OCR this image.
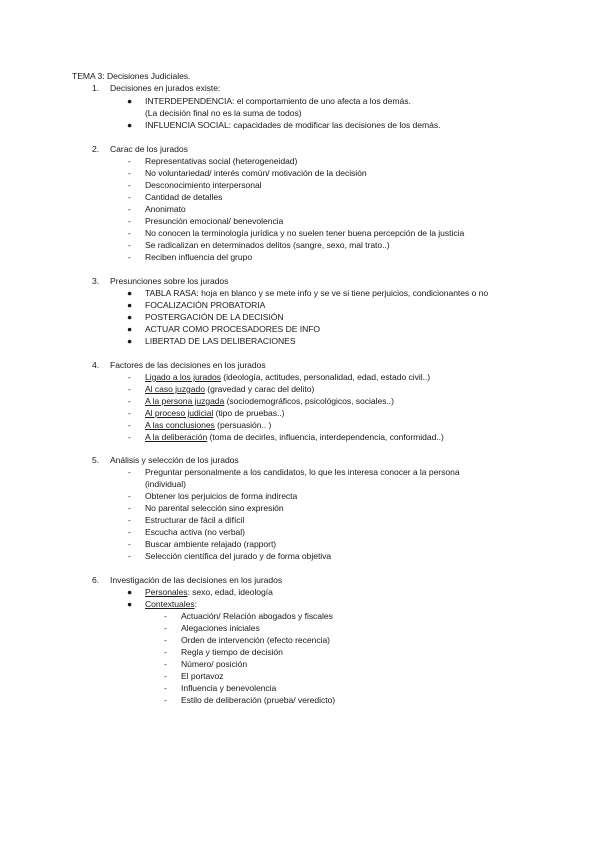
TEMA 3: Decisiones Judiciales.
1. Decisiones en jurados existe:
● INTERDEPENDENCIA: el comportamiento de uno afecta a los demás.
(La decisión final no es la suma de todos)
● INFLUENCIA SOCIAL: capacidades de modificar las decisiones de los demás.
2. Carac de los jurados
- Representativas social (heterogeneidad)
- No voluntariedad/ interés común/ motivación de la decisión
- Desconocimiento interpersonal
- Cantidad de detalles
- Anonimato
- Presunción emocional/ benevolencia
- No conocen la terminología jurídica y no suelen tener buena percepción de la justicia
- Se radicalizan en determinados delitos (sangre, sexo, mal trato..)
- Reciben influencia del grupo
3. Presunciones sobre los jurados
● TABLA RASA: hoja en blanco y se mete info y se ve si tiene perjuicios, condicionantes o no
● FOCALIZACIÓN PROBATORIA
● POSTERGACIÓN DE LA DECISIÓN
● ACTUAR COMO PROCESADORES DE INFO
● LIBERTAD DE LAS DELIBERACIONES
4. Factores de las decisiones en los jurados
- Ligado a los jurados (ideología, actitudes, personalidad, edad, estado civil..)
- Al caso juzgado (gravedad y carac del delito)
- A la persona juzgada (sociodemográficos, psicológicos, sociales..)
- Al proceso judicial (tipo de pruebas..)
- A las conclusiones (persuasión.. )
- A la deliberación (toma de decirles, influencia, interdependencia, conformidad..)
5. Análisis y selección de los jurados
- Preguntar personalmente a los candidatos, lo que les interesa conocer a la persona
(individual)
- Obtener los perjuicios de forma indirecta
- No parental selección sino expresión
- Estructurar de fácil a difícil
- Escucha activa (no verbal)
- Buscar ambiente relajado (rapport)
- Selección científica del jurado y de forma objetiva
6. Investigación de las decisiones en los jurados
● Personales: sexo, edad, ideología
● Contextuales:
- Actuación/ Relación abogados y fiscales
- Alegaciones iniciales
- Orden de intervención (efecto recencia)
- Regla y tiempo de decisión
- Número/ posición
- El portavoz
- Influencia y benevolencia
- Estilo de deliberación (prueba/ veredicto)
